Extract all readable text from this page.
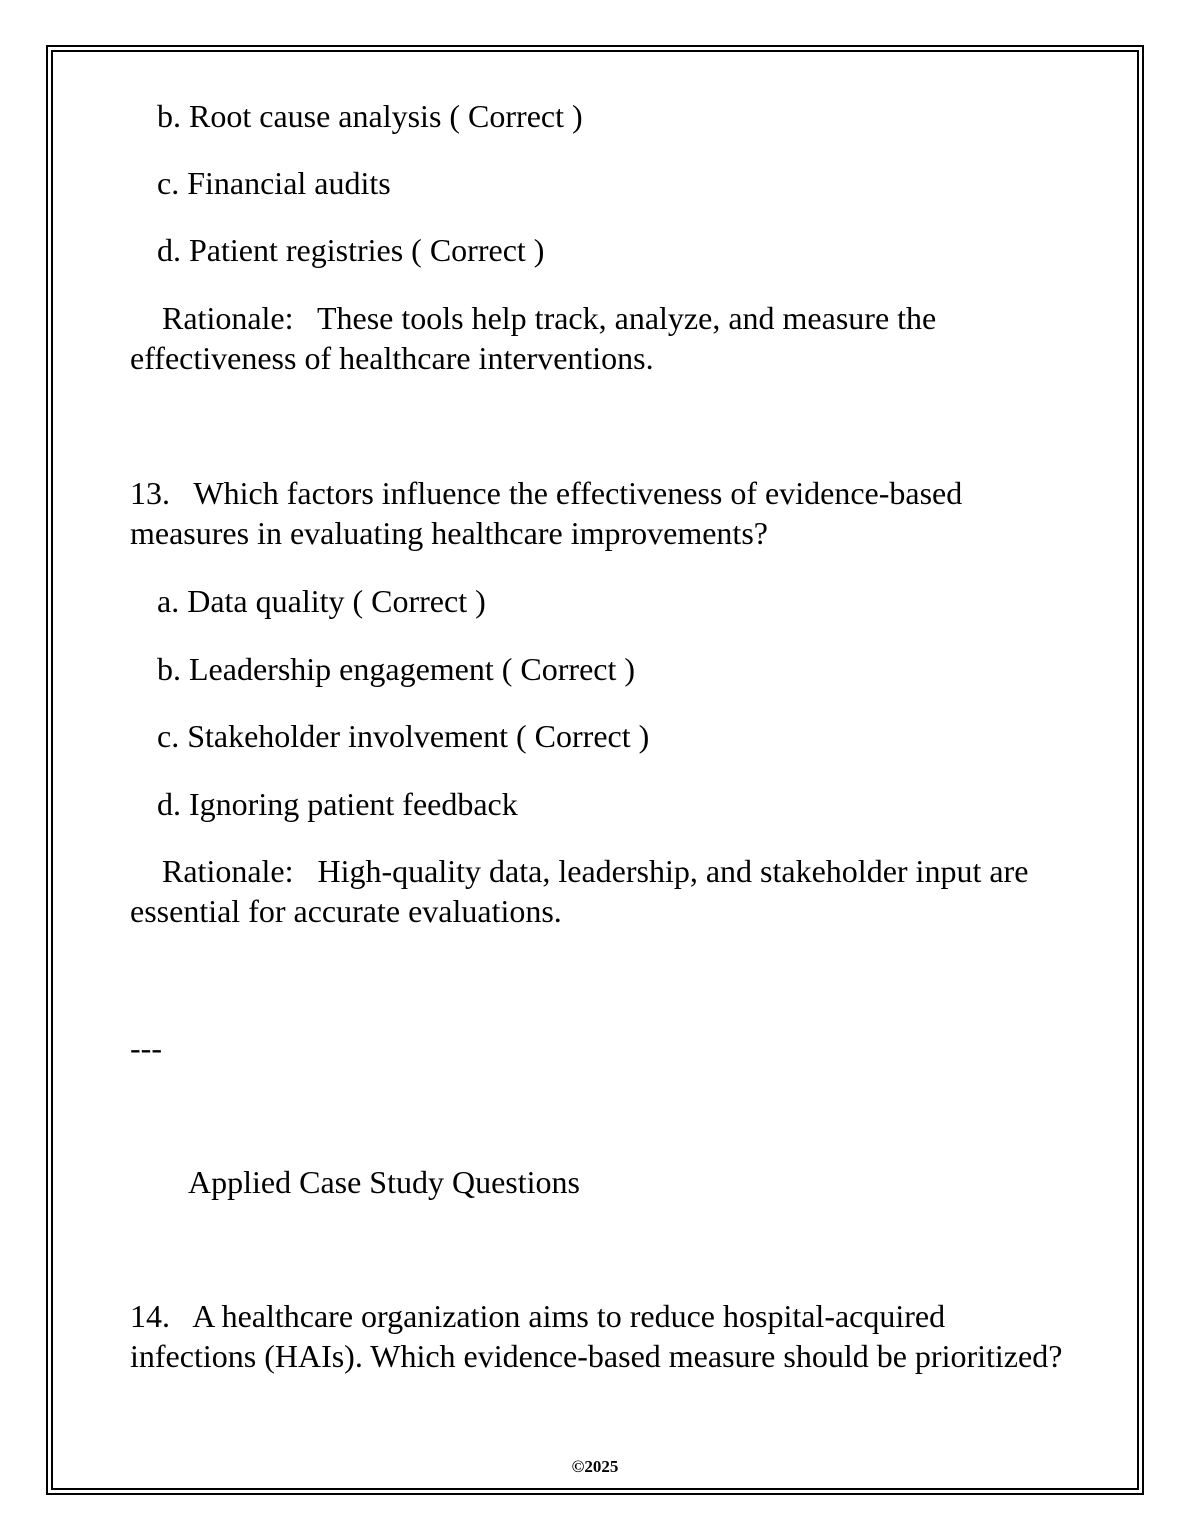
b. Root cause analysis ( Correct )
c. Financial audits
d. Patient registries ( Correct )
Rationale:   These tools help track, analyze, and measure the effectiveness of healthcare interventions.
13.   Which factors influence the effectiveness of evidence-based measures in evaluating healthcare improvements?
a. Data quality ( Correct )
b. Leadership engagement ( Correct )
c. Stakeholder involvement ( Correct )
d. Ignoring patient feedback
Rationale:   High-quality data, leadership, and stakeholder input are essential for accurate evaluations.
---
Applied Case Study Questions
14.   A healthcare organization aims to reduce hospital-acquired infections (HAIs). Which evidence-based measure should be prioritized?
©2025
